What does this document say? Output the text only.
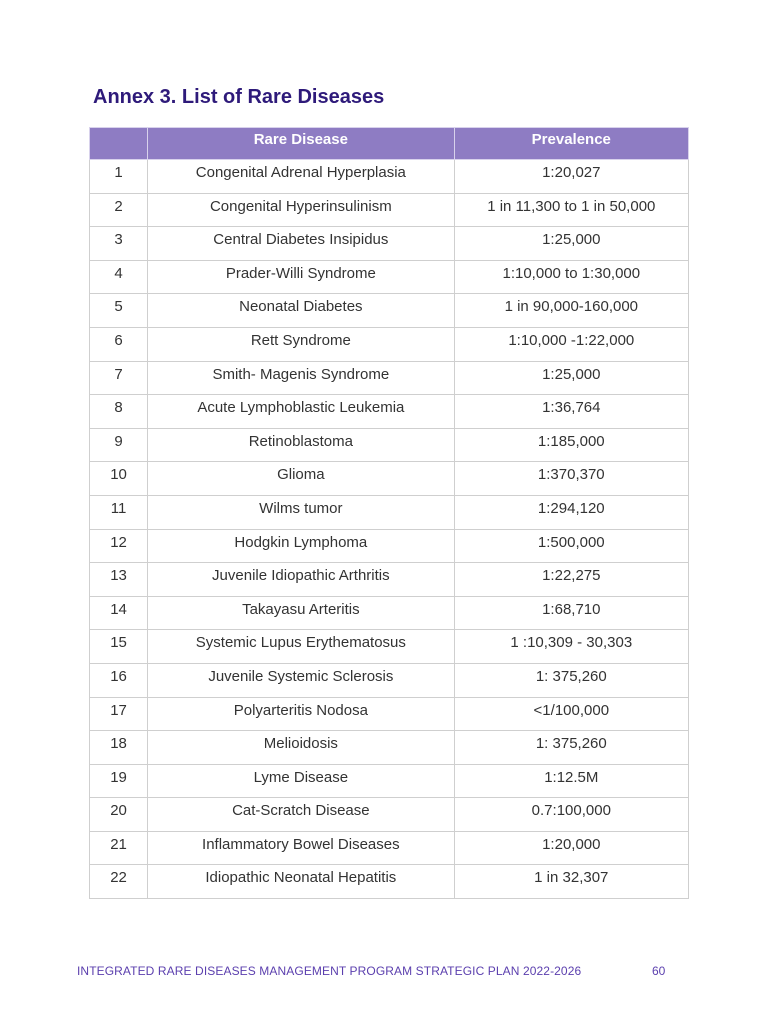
Annex 3. List of Rare Diseases
	Rare Disease	Prevalence
1	Congenital Adrenal Hyperplasia	1:20,027
2	Congenital Hyperinsulinism	1 in 11,300 to 1 in 50,000
3	Central Diabetes Insipidus	1:25,000
4	Prader-Willi Syndrome	1:10,000 to 1:30,000
5	Neonatal Diabetes	1 in 90,000-160,000
6	Rett Syndrome	1:10,000 -1:22,000
7	Smith- Magenis Syndrome	1:25,000
8	Acute Lymphoblastic Leukemia	1:36,764
9	Retinoblastoma	1:185,000
10	Glioma	1:370,370
11	Wilms tumor	1:294,120
12	Hodgkin Lymphoma	1:500,000
13	Juvenile Idiopathic Arthritis	1:22,275
14	Takayasu Arteritis	1:68,710
15	Systemic Lupus Erythematosus	1 :10,309 - 30,303
16	Juvenile Systemic Sclerosis	1: 375,260
17	Polyarteritis Nodosa	<1/100,000
18	Melioidosis	1: 375,260
19	Lyme Disease	1:12.5M
20	Cat-Scratch Disease	0.7:100,000
21	Inflammatory Bowel Diseases	1:20,000
22	Idiopathic Neonatal Hepatitis	1 in 32,307
INTEGRATED RARE DISEASES MANAGEMENT PROGRAM STRATEGIC PLAN 2022-2026	60
